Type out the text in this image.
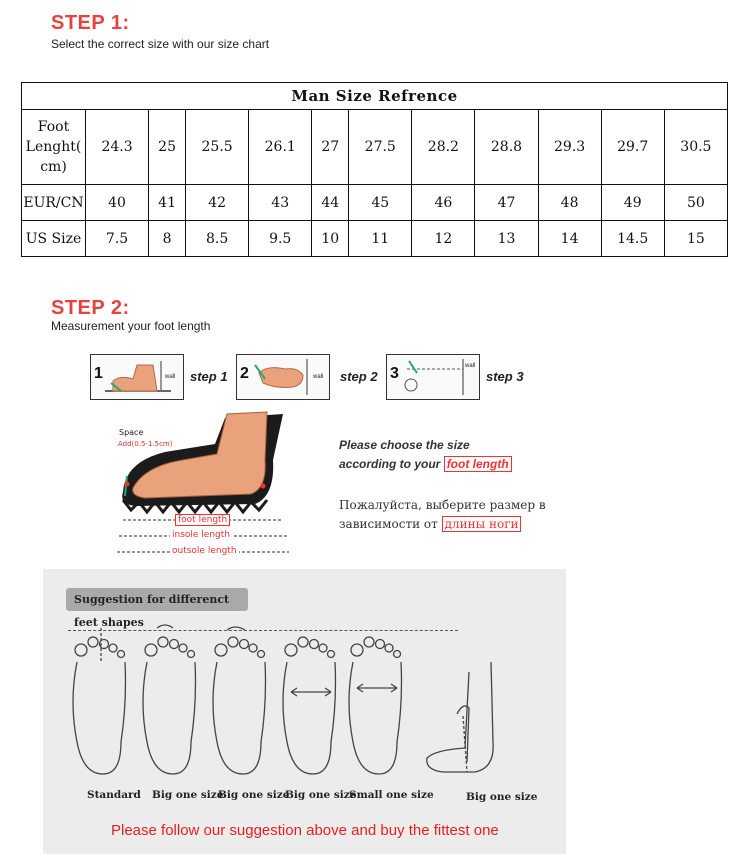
STEP 1:
Select the correct size with our size chart
Man Size Refrence											
Foot Lenght( cm)	24.3	25	25.5	26.1	27	27.5	28.2	28.8	29.3	29.7	30.5
EUR/CN	40	41	42	43	44	45	46	47	48	49	50
US Size	7.5	8	8.5	9.5	10	11	12	13	14	14.5	15
STEP 2:
Measurement your foot length
1	wall step 1 2	wall step 2 3	wall
step 3
Space
Add(0.5-1.5cm)
foot length
insole length
outsole length
Please choose the size
according to your foot length
Пожалуйста, выберите размер в
зависимости от длины ноги
Suggestion for differenct feet shapes
Standard Big one size
Big one size
Big one size
Small one size	Big one size
Please follow our suggestion above and buy the fittest one
